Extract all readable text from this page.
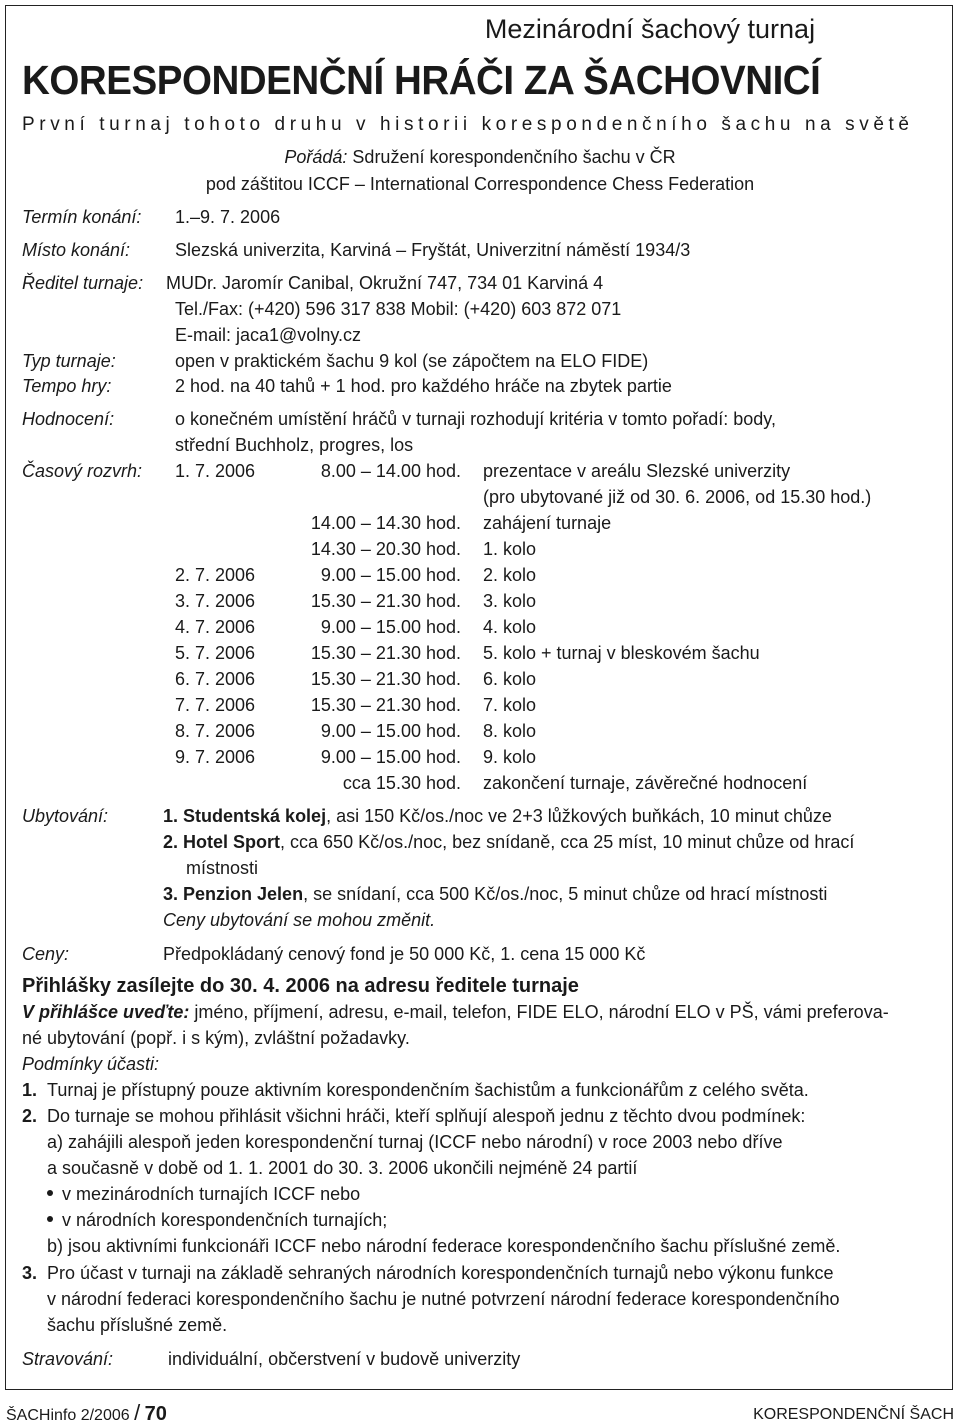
Mezinárodní šachový turnaj
KORESPONDENČNÍ HRÁČI ZA ŠACHOVNICÍ
První turnaj tohoto druhu v historii korespondenčního šachu na světě
Pořádá: Sdružení korespondenčního šachu v ČR
pod záštitou ICCF – International Correspondence Chess Federation
Termín konání: 1.–9. 7. 2006
Místo konání: Slezská univerzita, Karviná – Fryštát, Univerzitní náměstí 1934/3
Ředitel turnaje: MUDr. Jaromír Canibal, Okružní 747, 734 01 Karviná 4
Tel./Fax: (+420) 596 317 838 Mobil: (+420) 603 872 071
E-mail: jaca1@volny.cz
Typ turnaje:	open v praktickém šachu 9 kol (se zápočtem na ELO FIDE)
Tempo hry:	2 hod. na 40 tahů + 1 hod. pro každého hráče na zbytek partie
Hodnocení:	o konečném umístění hráčů v turnaji rozhodují kritéria v tomto pořadí: body,
střední Buchholz, progres, los
Časový rozvrh: 1. 7. 2006	8.00 – 14.00 hod. prezentace v areálu Slezské univerzity
(pro ubytované již od 30. 6. 2006, od 15.30 hod.)
14.00 – 14.30 hod. zahájení turnaje
14.30 – 20.30 hod. 1. kolo
2. 7. 2006	9.00 – 15.00 hod. 2. kolo
3. 7. 2006	15.30 – 21.30 hod. 3. kolo
4. 7. 2006	9.00 – 15.00 hod. 4. kolo
5. 7. 2006	15.30 – 21.30 hod. 5. kolo + turnaj v bleskovém šachu
6. 7. 2006	15.30 – 21.30 hod. 6. kolo
7. 7. 2006	15.30 – 21.30 hod. 7. kolo
8. 7. 2006	9.00 – 15.00 hod. 8. kolo
9. 7. 2006	9.00 – 15.00 hod. 9. kolo
cca 15.30 hod. zakončení turnaje, závěrečné hodnocení
Ubytování:	1. Studentská kolej, asi 150 Kč/os./noc ve 2+3 lůžkových buňkách, 10 minut chůze
2. Hotel Sport, cca 650 Kč/os./noc, bez snídaně, cca 25 míst, 10 minut chůze od hrací
místnosti
3. Penzion Jelen, se snídaní, cca 500 Kč/os./noc, 5 minut chůze od hrací místnosti
Ceny ubytování se mohou změnit.
Ceny:	Předpokládaný cenový fond je 50 000 Kč, 1. cena 15 000 Kč
Přihlášky zasílejte do 30. 4. 2006 na adresu ředitele turnaje
V přihlášce uveďte: jméno, příjmení, adresu, e-mail, telefon, FIDE ELO, národní ELO v PŠ, vámi preferova-
né ubytování (popř. i s kým), zvláštní požadavky.
Podmínky účasti:
1. Turnaj je přístupný pouze aktivním korespondenčním šachistům a funkcionářům z celého světa.
2. Do turnaje se mohou přihlásit všichni hráči, kteří splňují alespoň jednu z těchto dvou podmínek:
a) zahájili alespoň jeden korespondenční turnaj (ICCF nebo národní) v roce 2003 nebo dříve
a současně v době od 1. 1. 2001 do 30. 3. 2006 ukončili nejméně 24 partií
v mezinárodních turnajích ICCF nebo
v národních korespondenčních turnajích;
b) jsou aktivními funkcionáři ICCF nebo národní federace korespondenčního šachu příslušné země.
3. Pro účast v turnaji na základě sehraných národních korespondenčních turnajů nebo výkonu funkce
v národní federaci korespondenčního šachu je nutné potvrzení národní federace korespondenčního
šachu příslušné země.
Stravování:	individuální, občerstvení v budově univerzity
ŠACHinfo 2/2006 / 70	KORESPONDENČNÍ ŠACH
